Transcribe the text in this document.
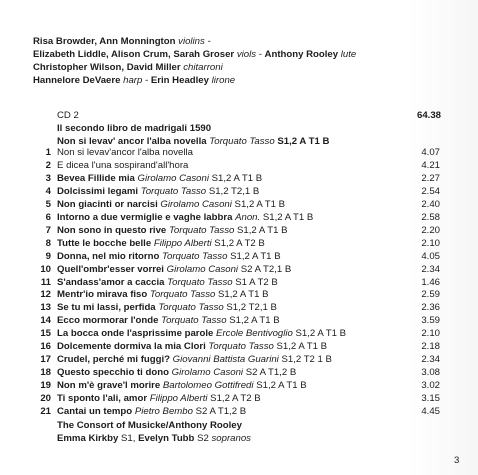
Risa Browder, Ann Monnington violins -
Elizabeth Liddle, Alison Crum, Sarah Groser viols - Anthony Rooley lute
Christopher Wilson, David Miller chitarroni
Hannelore DeVaere harp - Erin Headley lirone
CD 2	64.38
Il secondo libro de madrigali 1590
Non si levav' ancor l'alba novella Torquato Tasso S1,2 A T1 B
1 Non si levav'ancor l'alba novella	4.07
2 E dicea l'una sospirand'all'hora	4.21
3 Bevea Fillide mia Girolamo Casoni S1,2 A T1 B	2.27
4 Dolcissimi legami Torquato Tasso S1,2 T2,1 B	2.54
5 Non giacinti or narcisi Girolamo Casoni S1,2 A T1 B	2.40
6 Intorno a due vermiglie e vaghe labbra Anon. S1,2 A T1 B	2.58
7 Non sono in questo rive Torquato Tasso S1,2 A T1 B	2.20
8 Tutte le bocche belle Filippo Alberti S1,2 A T2 B	2.10
9 Donna, nel mio ritorno Torquato Tasso S1,2 A T1 B	4.05
10 Quell'ombr'esser vorrei Girolamo Casoni S2 A T2,1 B	2.34
11 S'andass'amor a caccia Torquato Tasso S1 A T2 B	1.46
12 Mentr'io mirava fiso Torquato Tasso S1,2 A T1 B	2.59
13 Se tu mi lassi, perfida Torquato Tasso S1,2 T2,1 B	2.36
14 Ecco mormorar l'onde Torquato Tasso S1,2 A T1 B	3.59
15 La bocca onde l'asprissime parole Ercole Bentivoglio S1,2 A T1 B	2.10
16 Dolcemente dormiva la mia Clori Torquato Tasso S1,2 A T1 B	2.18
17 Crudel, perché mi fuggi? Giovanni Battista Guarini S1,2 T2 1 B	2.34
18 Questo specchio ti dono Girolamo Casoni S2 A T1,2 B	3.08
19 Non m'è grave'l morire Bartolomeo Gottifredi S1,2 A T1 B	3.02
20 Ti sponto l'ali, amor Filippo Alberti S1,2 A T2 B	3.15
21 Cantai un tempo Pietro Bembo S2 A T1,2 B	4.45
The Consort of Musicke/Anthony Rooley
Emma Kirkby S1, Evelyn Tubb S2 sopranos
3
